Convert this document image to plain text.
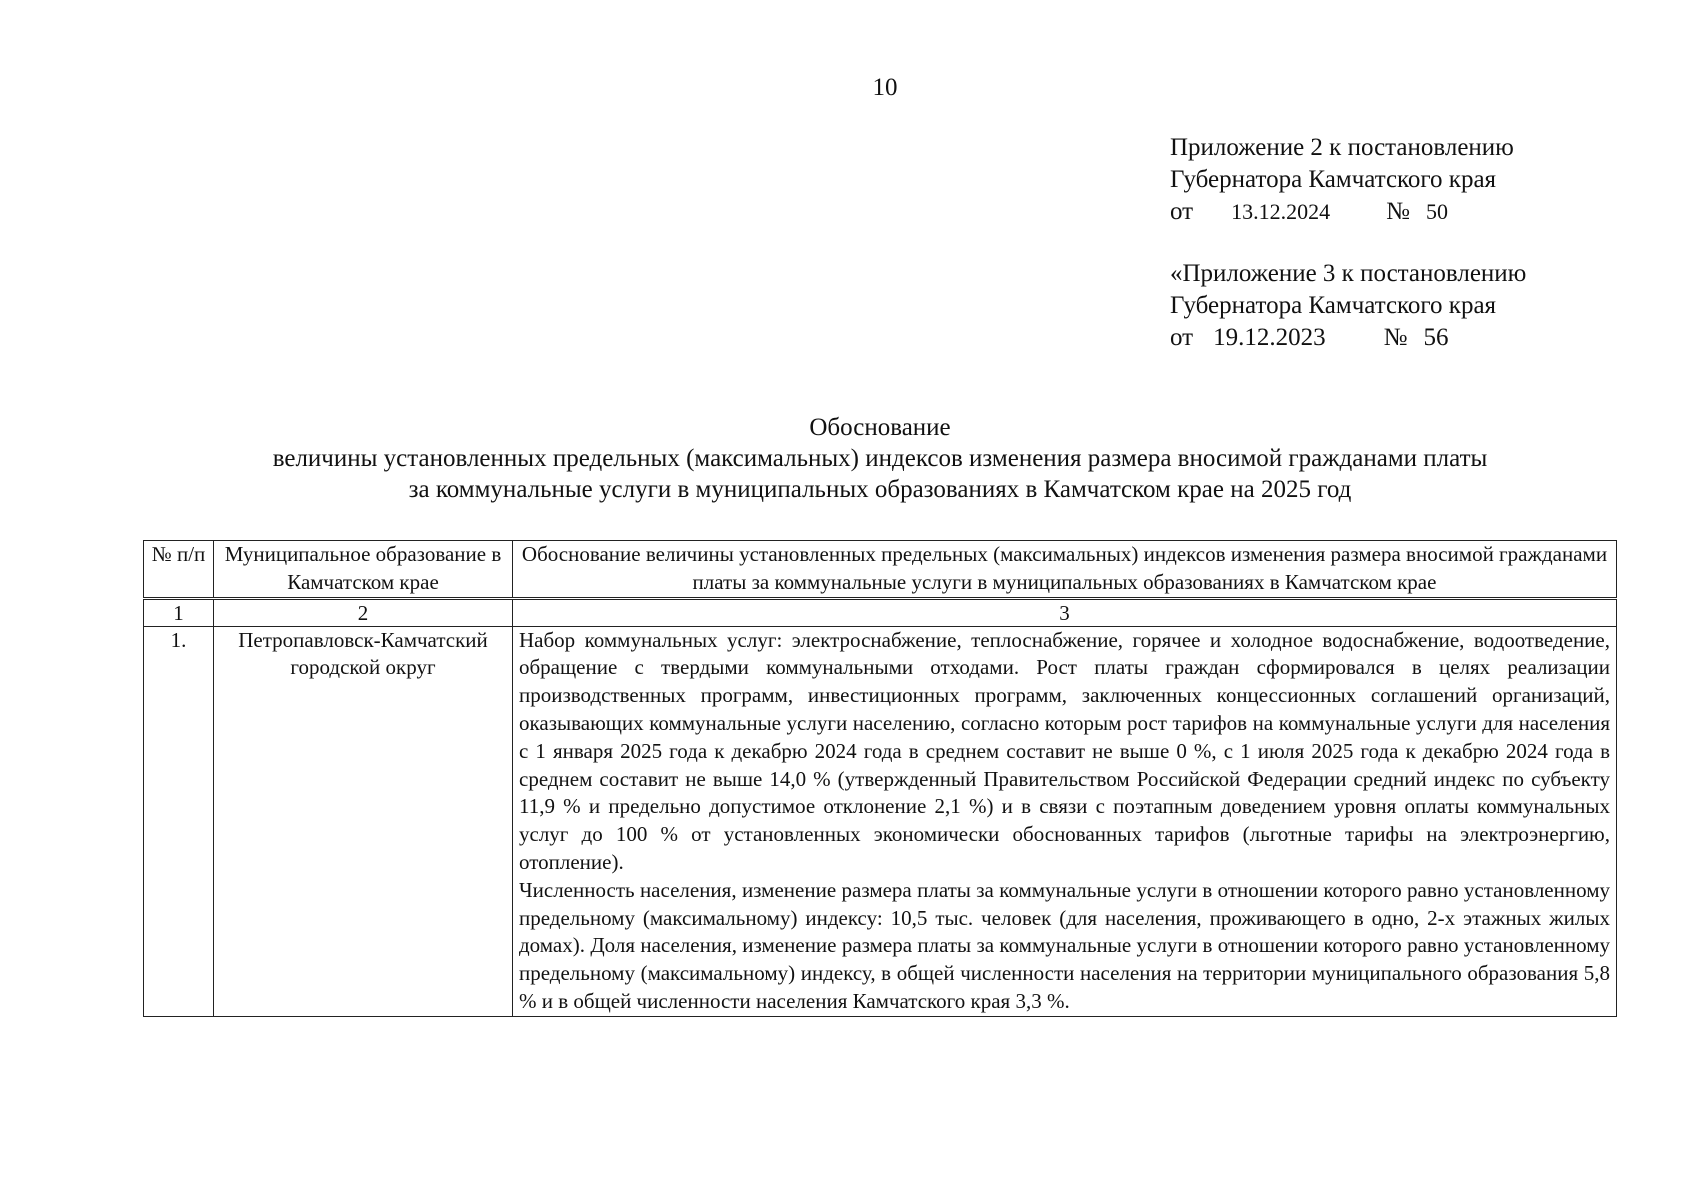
10
Приложение 2 к постановлению
Губернатора Камчатского края
от 13.12.2024 № 50
«Приложение 3 к постановлению
Губернатора Камчатского края
от 19.12.2023 № 56
Обоснование
величины установленных предельных (максимальных) индексов изменения размера вносимой гражданами платы
за коммунальные услуги в муниципальных образованиях в Камчатском крае на 2025 год
№ п/п	Муниципальное образование в Камчатском крае	Обоснование величины установленных предельных (максимальных) индексов изменения размера вносимой гражданами платы за коммунальные услуги в муниципальных образованиях в Камчатском крае
1	2	3
1.	Петропавловск-Камчатский городской округ	Набор коммунальных услуг: электроснабжение, теплоснабжение, горячее и холодное водоснабжение, водоотведение, обращение с твердыми коммунальными отходами. Рост платы граждан сформировался в целях реализации производственных программ, инвестиционных программ, заключенных концессионных соглашений организаций, оказывающих коммунальные услуги населению, согласно которым рост тарифов на коммунальные услуги для населения с 1 января 2025 года к декабрю 2024 года в среднем составит не выше 0 %, с 1 июля 2025 года к декабрю 2024 года в среднем составит не выше 14,0 % (утвержденный Правительством Российской Федерации средний индекс по субъекту 11,9 % и предельно допустимое отклонение 2,1 %) и в связи с поэтапным доведением уровня оплаты коммунальных услуг до 100 % от установленных экономически обоснованных тарифов (льготные тарифы на электроэнергию, отопление).

Численность населения, изменение размера платы за коммунальные услуги в отношении которого равно установленному предельному (максимальному) индексу: 10,5 тыс. человек (для населения, проживающего в одно, 2-х этажных жилых домах). Доля населения, изменение размера платы за коммунальные услуги в отношении которого равно установленному предельному (максимальному) индексу, в общей численности населения на территории муниципального образования 5,8 % и в общей численности населения Камчатского края 3,3 %.
